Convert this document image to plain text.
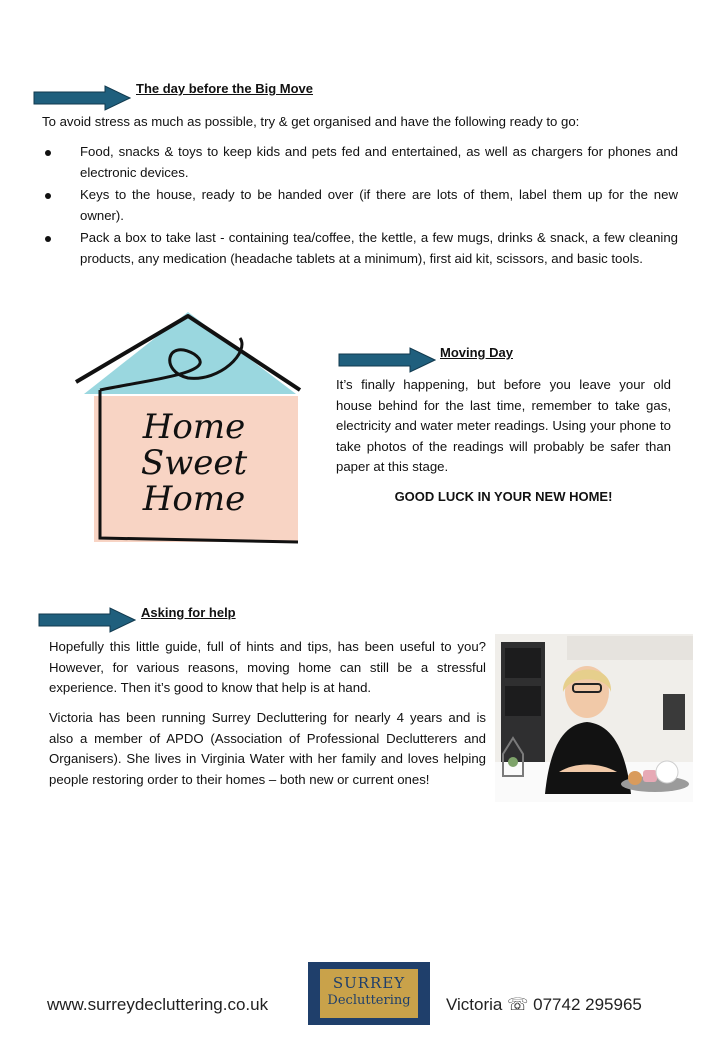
The day before the Big Move

To avoid stress as much as possible, try & get organised and have the following ready to go:

Food, snacks & toys to keep kids and pets fed and entertained, as well as chargers for phones and electronic devices.
Keys to the house, ready to be handed over (if there are lots of them, label them up for the new owner).
Pack a box to take last - containing tea/coffee, the kettle, a few mugs, drinks & snack, a few cleaning products, any medication (headache tablets at a minimum), first aid kit, scissors, and basic tools.
Home
Sweet
Home
Moving Day

It’s finally happening, but before you leave your old house behind for the last time, remember to take gas, electricity and water meter readings. Using your phone to take photos of the readings will probably be safer than paper at this stage.

GOOD LUCK IN YOUR NEW HOME!
Asking for help

Hopefully this little guide, full of hints and tips, has been useful to you? However, for various reasons, moving home can still be a stressful experience. Then it’s good to know that help is at hand.

Victoria has been running Surrey Decluttering for nearly 4 years and is also a member of APDO (Association of Professional Declutterers and Organisers). She lives in Virginia Water with her family and loves helping people restoring order to their homes – both new or current ones!

www.surreydecluttering.co.uk
SURREY
Decluttering	Victoria ☏ 07742 295965
